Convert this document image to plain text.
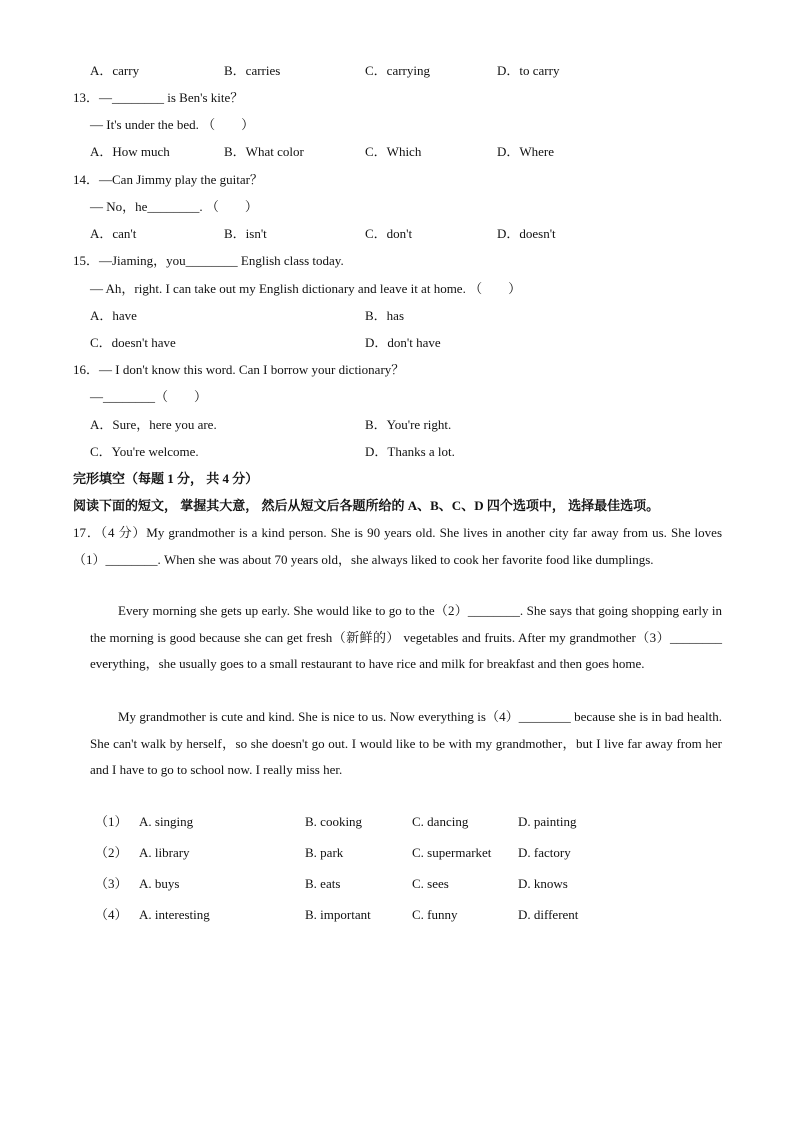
A．carry	B．carries	C．carrying	D．to carry
13．—________ is Ben's kite？
— It's under the bed. （　　）
A．How much	B．What color	C．Which	D．Where
14．—Can Jimmy play the guitar？
— No，he________. （　　）
A．can't	B．isn't	C．don't	D．doesn't
15．—Jiaming，you________ English class today.
— Ah，right. I can take out my English dictionary and leave it at home. （　　）
A．have	B．has
C．doesn't have	D．don't have
16．— I don't know this word. Can I borrow your dictionary？
—________（　　）
A．Sure，here you are.	B．You're right.
C．You're welcome.	D．Thanks a lot.
完形填空（每题 1 分， 共 4 分）
阅读下面的短文， 掌握其大意， 然后从短文后各题所给的 A、B、C、D 四个选项中， 选择最佳选项。

17．（4 分）My grandmother is a kind person. She is 90 years old. She lives in another city far away from us. She loves （1）________. When she was about 70 years old，she always liked to cook her favorite food like dumplings.

Every morning she gets up early. She would like to go to the（2）________. She says that going shopping early in the morning is good because she can get fresh（新鲜的） vegetables and fruits. After my grandmother（3）________ everything，she usually goes to a small restaurant to have rice and milk for breakfast and then goes home.

My grandmother is cute and kind. She is nice to us. Now everything is（4）________ because she is in bad health. She can't walk by herself，so she doesn't go out. I would like to be with my grandmother，but I live far away from her and I have to go to school now. I really miss her.

（1） A. singing	B. cooking	C. dancing	D. painting
（2） A. library	B. park	C. supermarket D. factory
（3） A. buys	B. eats	C. sees	D. knows
（4） A. interesting	B. important	C. funny	D. different
